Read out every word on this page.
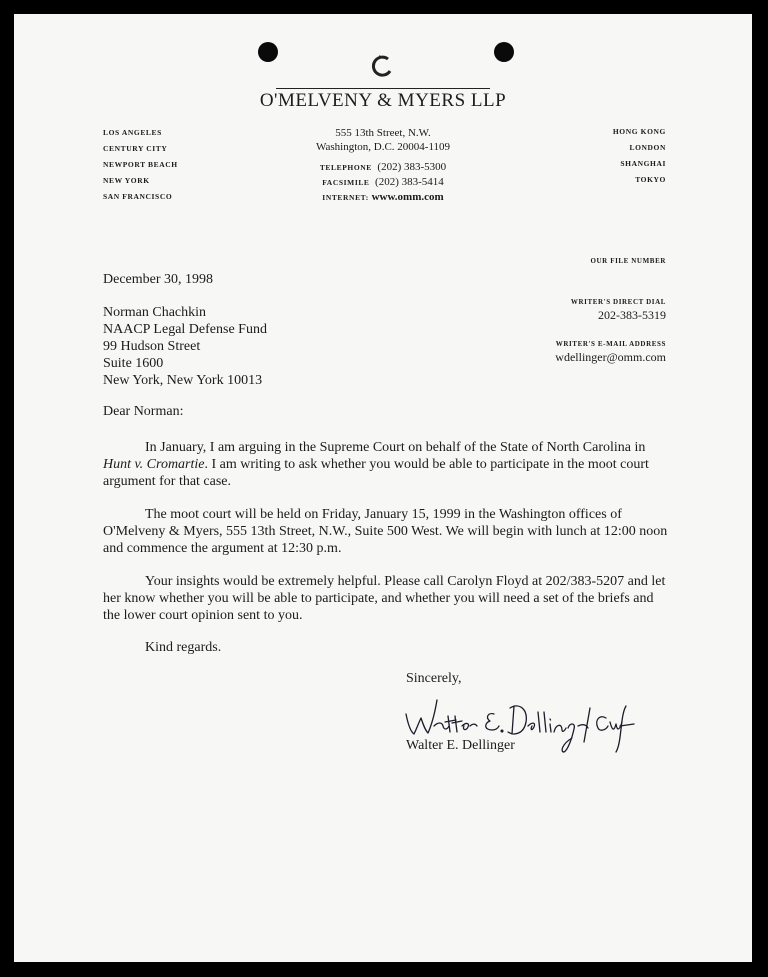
O'MELVENY & MYERS LLP
LOS ANGELES
CENTURY CITY
NEWPORT BEACH
NEW YORK
SAN FRANCISCO
555 13th Street, N.W.
Washington, D.C. 20004-1109
TELEPHONE (202) 383-5300
FACSIMILE (202) 383-5414
INTERNET: www.omm.com
HONG KONG
LONDON
SHANGHAI
TOKYO
OUR FILE NUMBER
WRITER'S DIRECT DIAL
202-383-5319
WRITER'S E-MAIL ADDRESS
wdellinger@omm.com
December 30, 1998
Norman Chachkin
NAACP Legal Defense Fund
99 Hudson Street
Suite 1600
New York, New York 10013
Dear Norman:

In January, I am arguing in the Supreme Court on behalf of the State of North Carolina in Hunt v. Cromartie. I am writing to ask whether you would be able to participate in the moot court argument for that case.

The moot court will be held on Friday, January 15, 1999 in the Washington offices of O'Melveny & Myers, 555 13th Street, N.W., Suite 500 West. We will begin with lunch at 12:00 noon and commence the argument at 12:30 p.m.

Your insights would be extremely helpful. Please call Carolyn Floyd at 202/383-5207 and let her know whether you will be able to participate, and whether you will need a set of the briefs and the lower court opinion sent to you.

Kind regards.

Sincerely,
Walter E. Dellinger
